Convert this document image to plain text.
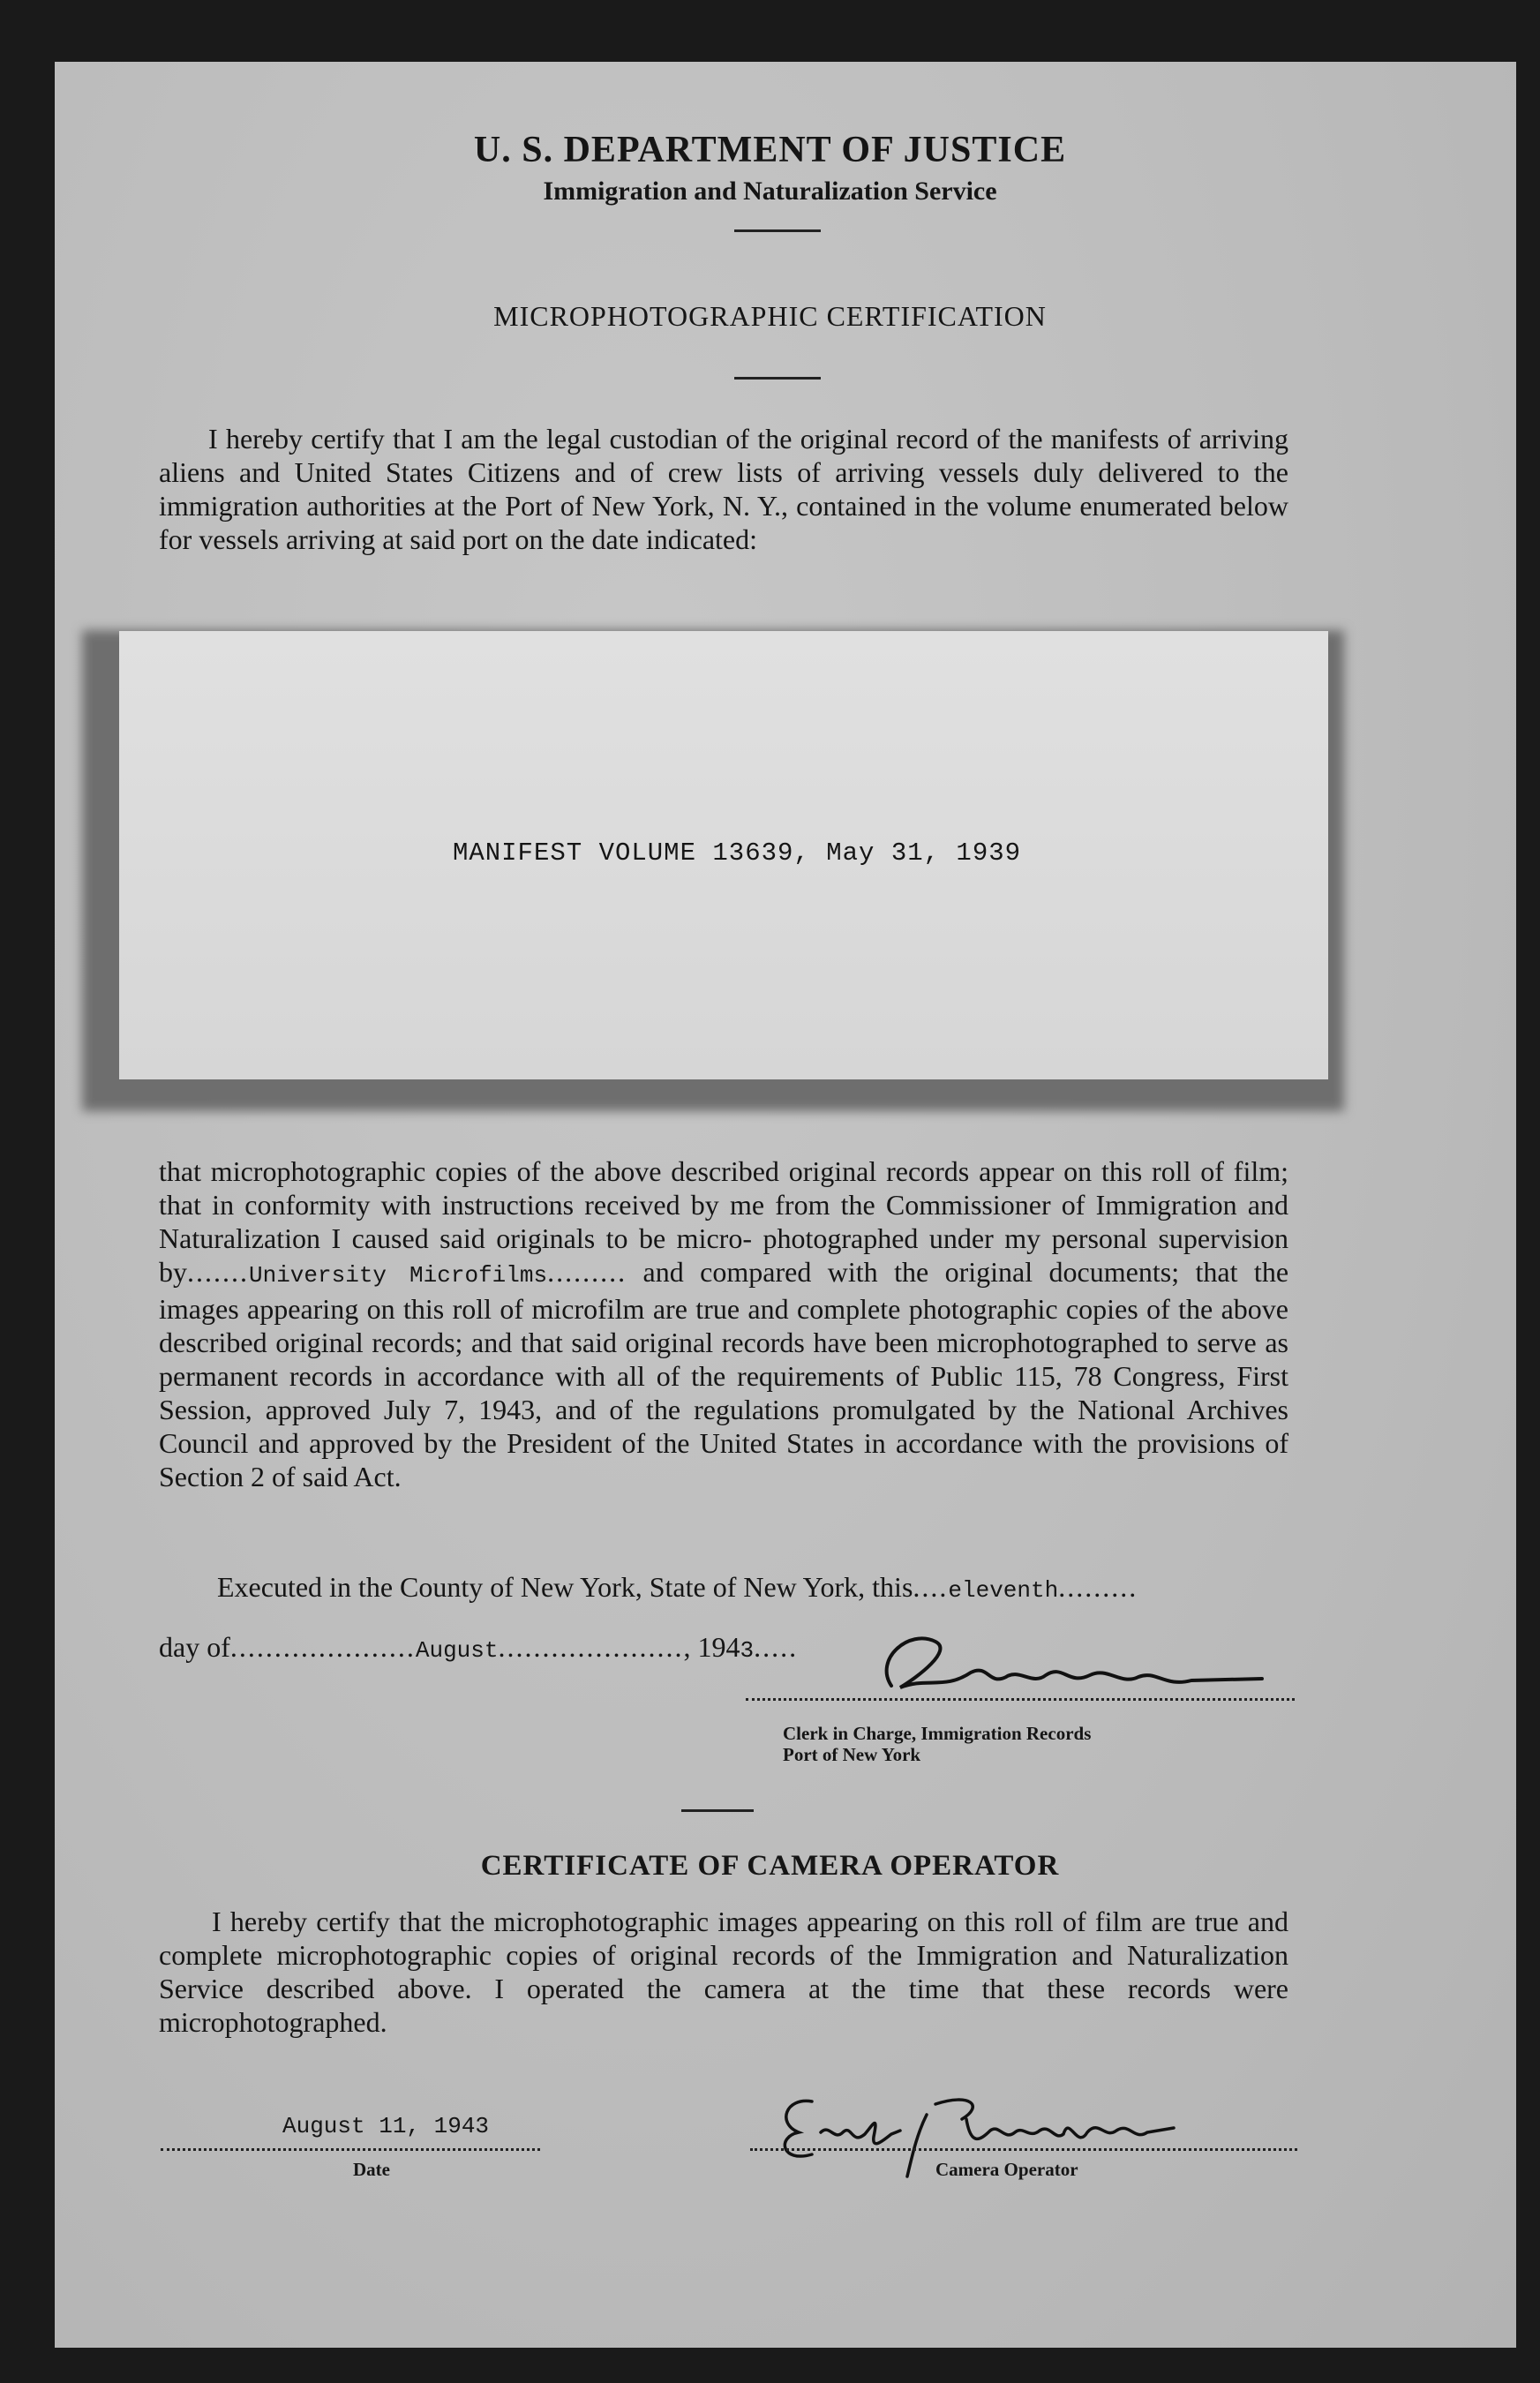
U. S. DEPARTMENT OF JUSTICE
Immigration and Naturalization Service
MICROPHOTOGRAPHIC CERTIFICATION
I hereby certify that I am the legal custodian of the original record of the manifests of arriving aliens and United States Citizens and of crew lists of arriving vessels duly delivered to the immigration authorities at the Port of New York, N. Y., contained in the volume enumerated below for vessels arriving at said port on the date indicated:
MANIFEST VOLUME 13639, May 31, 1939
that microphotographic copies of the above described original records appear on this roll of film; that in conformity with instructions received by me from the Commissioner of Immigration and Naturalization I caused said originals to be micro- photographed under my personal supervision by.......University Microfilms......... and compared with the original documents; that the images appearing on this roll of microfilm are true and complete photographic copies of the above described original records; and that said original records have been microphotographed to serve as permanent records in accordance with all of the requirements of Public 115, 78 Congress, First Session, approved July 7, 1943, and of the regulations promulgated by the National Archives Council and approved by the President of the United States in accordance with the provisions of Section 2 of said Act.
Executed in the County of New York, State of New York, this....eleventh.........
day of.....................August....................., 1943.....
Clerk in Charge, Immigration Records
Port of New York
CERTIFICATE OF CAMERA OPERATOR
I hereby certify that the microphotographic images appearing on this roll of film are true and complete microphotographic copies of original records of the Immigration and Naturalization Service described above. I operated the camera at the time that these records were microphotographed.
August 11, 1943
Date	Camera Operator
